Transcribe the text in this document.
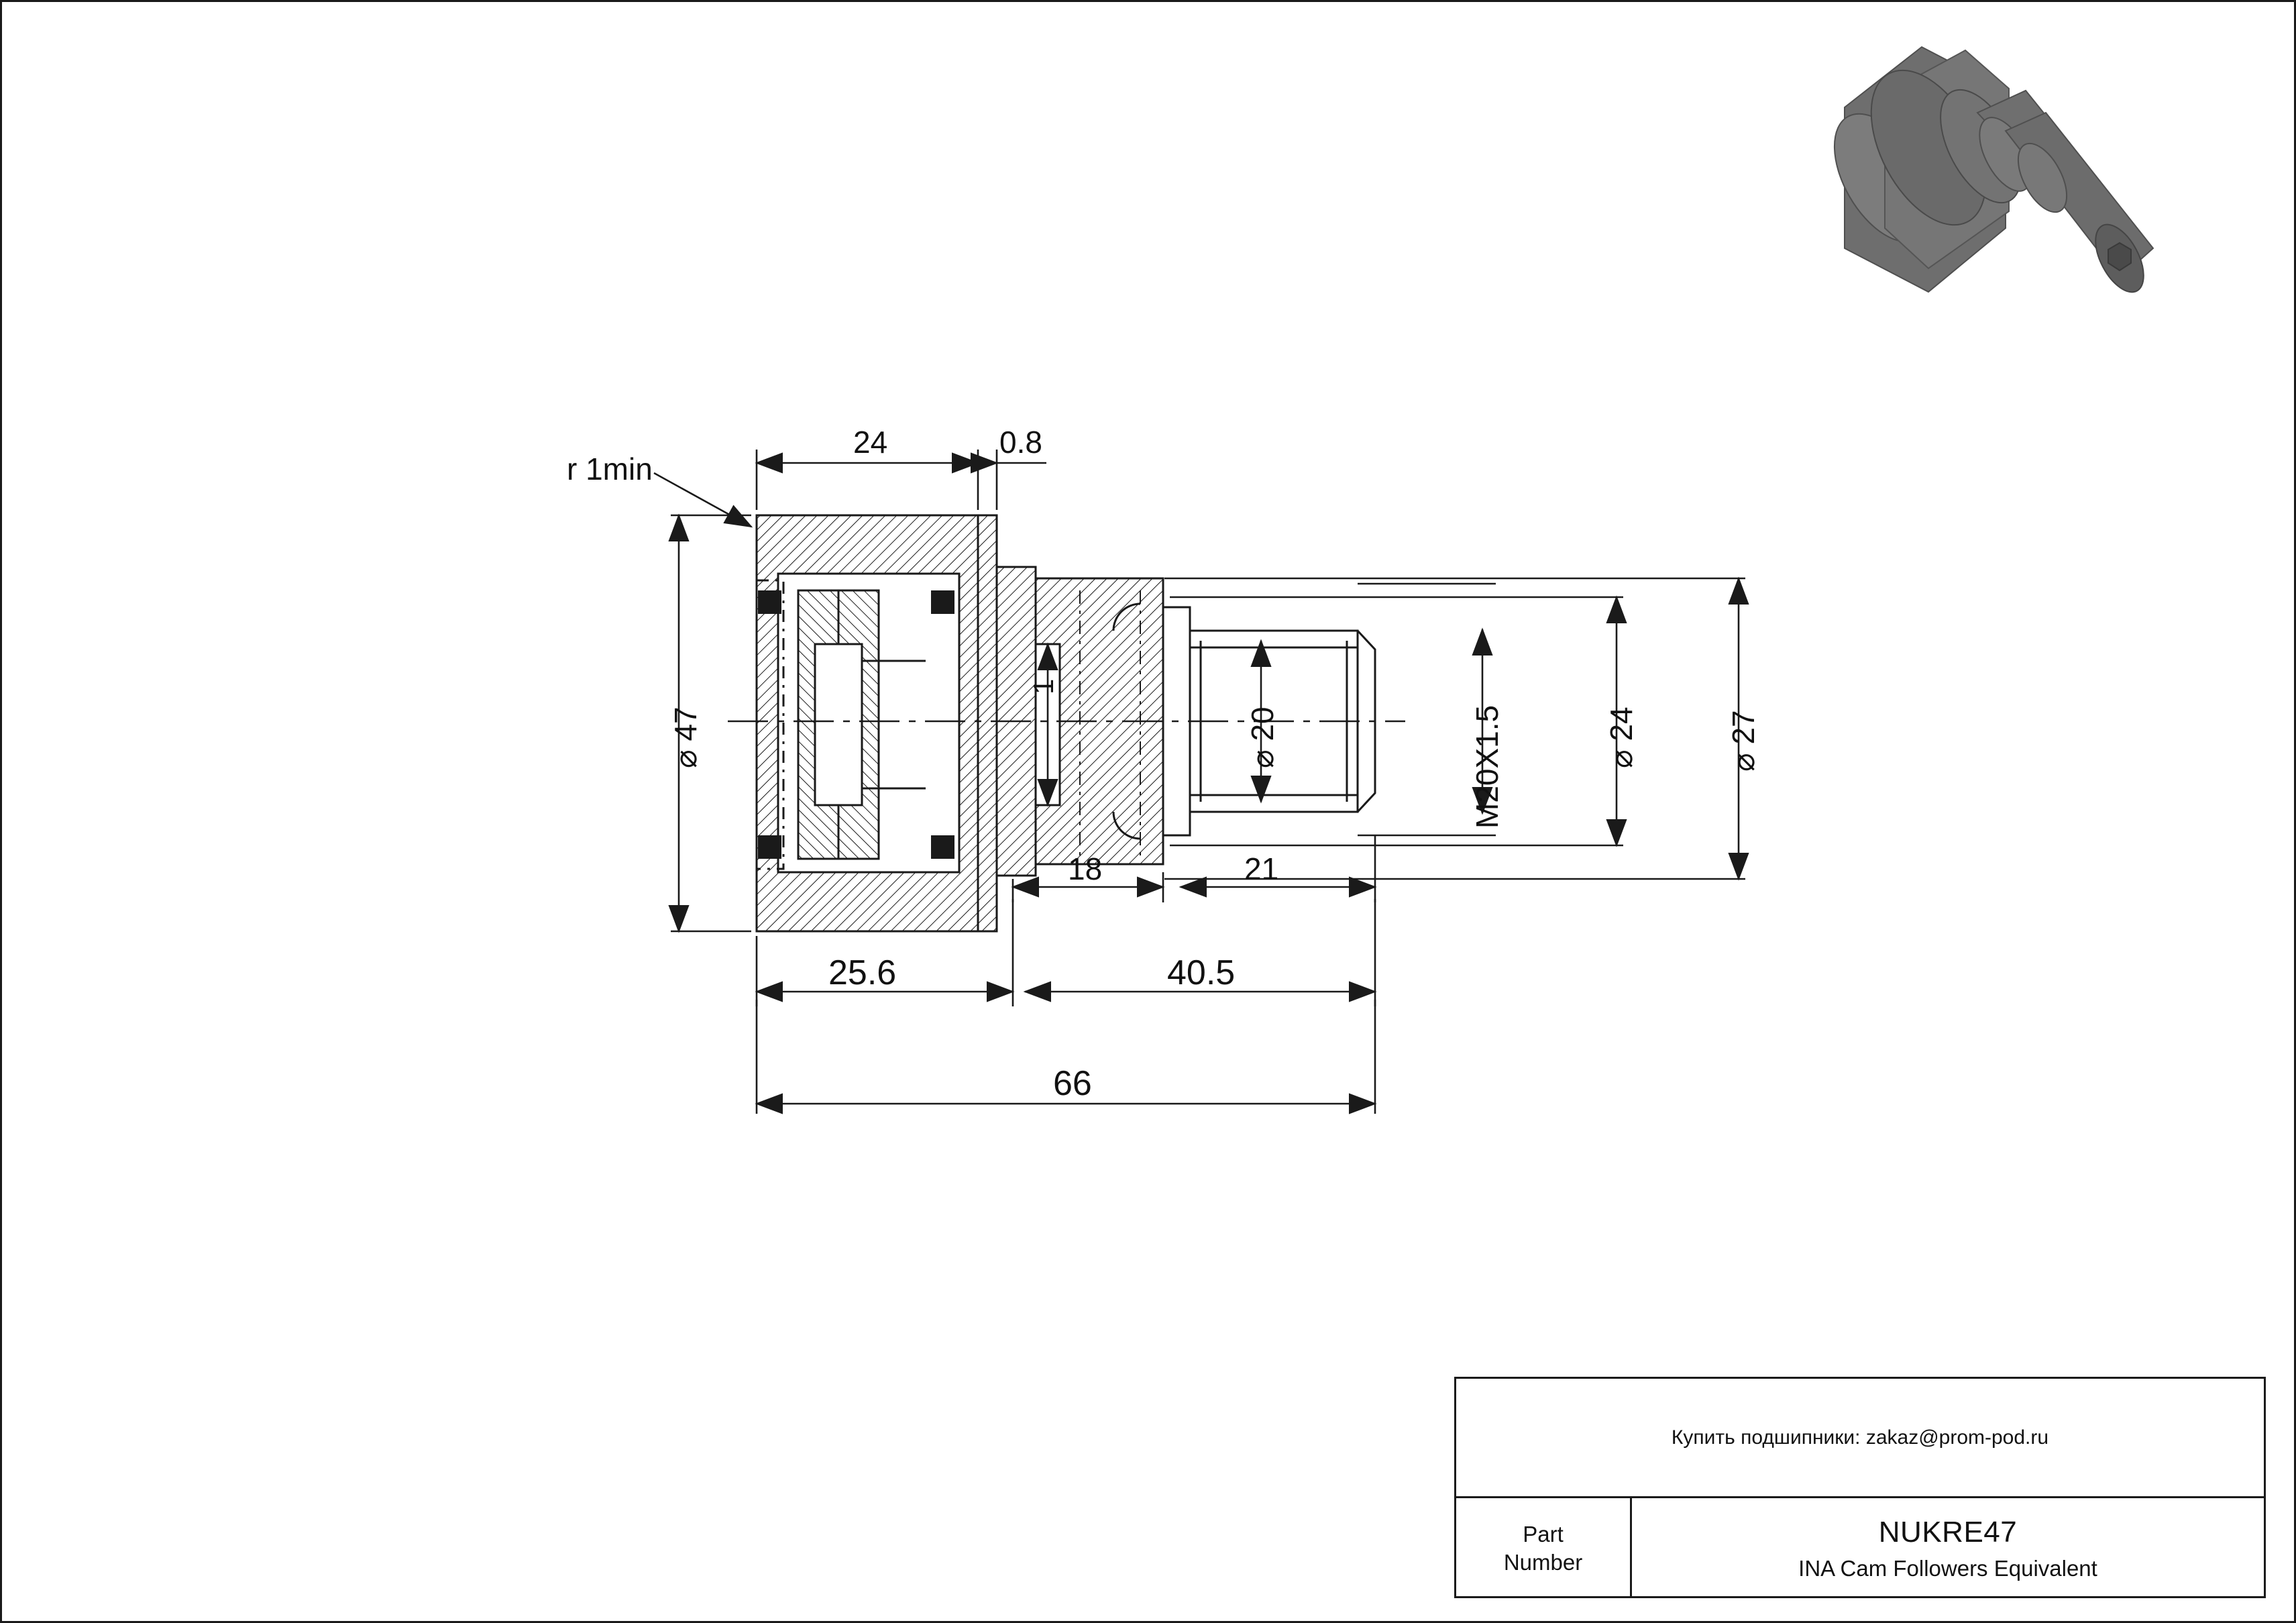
24	0.8
r 1min
⌀ 47
1
⌀ 20	M20X1.5	⌀ 24	⌀ 27
18	21
25.6	40.5
66
Купить подшипники: zakaz@prom-pod.ru
Part
Number
NUKRE47
INA Cam Followers Equivalent
